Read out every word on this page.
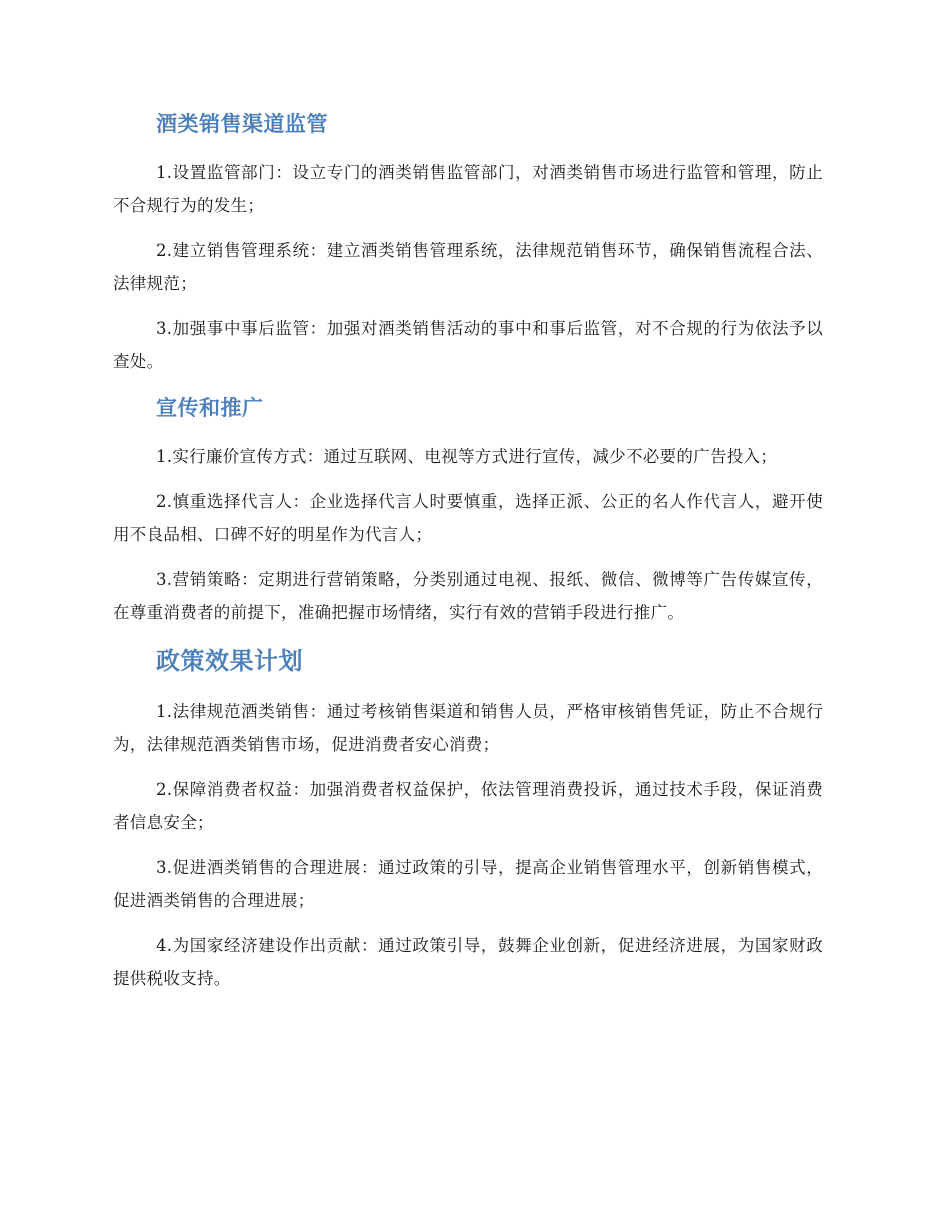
酒类销售渠道监管

1.设置监管部门：设立专门的酒类销售监管部门，对酒类销售市场进行监管和管理，防止不合规行为的发生；

2.建立销售管理系统：建立酒类销售管理系统，法律规范销售环节，确保销售流程合法、法律规范；

3.加强事中事后监管：加强对酒类销售活动的事中和事后监管，对不合规的行为依法予以查处。

宣传和推广

1.实行廉价宣传方式：通过互联网、电视等方式进行宣传，减少不必要的广告投入；

2.慎重选择代言人：企业选择代言人时要慎重，选择正派、公正的名人作代言人，避开使用不良品相、口碑不好的明星作为代言人；

3.营销策略：定期进行营销策略，分类别通过电视、报纸、微信、微博等广告传媒宣传，在尊重消费者的前提下，准确把握市场情绪，实行有效的营销手段进行推广。

政策效果计划

1.法律规范酒类销售：通过考核销售渠道和销售人员，严格审核销售凭证，防止不合规行为，法律规范酒类销售市场，促进消费者安心消费；

2.保障消费者权益：加强消费者权益保护，依法管理消费投诉，通过技术手段，保证消费者信息安全；

3.促进酒类销售的合理进展：通过政策的引导，提高企业销售管理水平，创新销售模式，促进酒类销售的合理进展；

4.为国家经济建设作出贡献：通过政策引导，鼓舞企业创新，促进经济进展，为国家财政提供税收支持。
